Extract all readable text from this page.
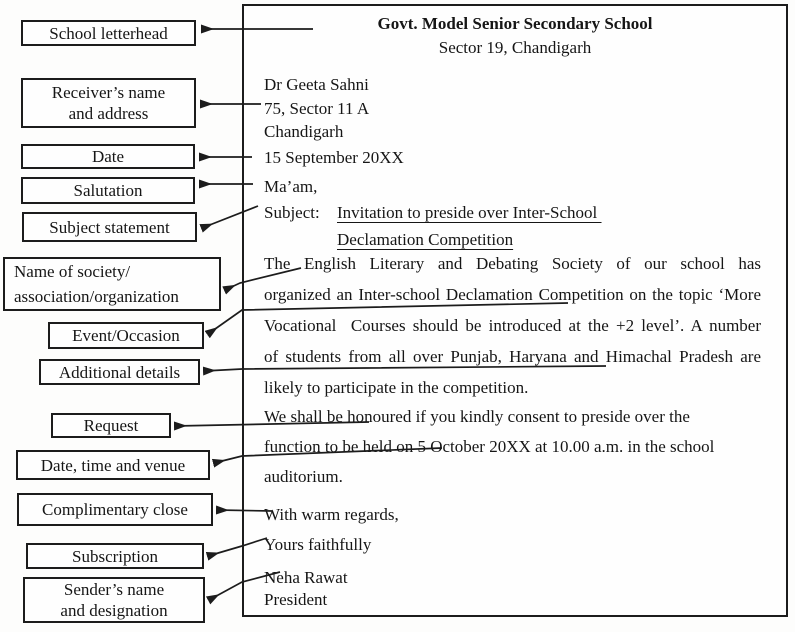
School letterhead
Receiver’s name
and address
Date
Salutation
Subject statement
Name of society/
association/organization
Event/Occasion
Additional details
Request
Date, time and venue
Complimentary close
Subscription
Sender’s name
and designation
Govt. Model Senior Secondary School
Sector 19, Chandigarh
Dr Geeta Sahni
75, Sector 11 A
Chandigarh
15 September 20XX
Ma’am,
Subject: Invitation to preside over Inter-School
Declamation Competition
The English Literary and Debating Society of our school has
organized an Inter-school Declamation Competition on the topic ‘More
Vocational  Courses should be introduced at the +2 level’. A number
of students from all over Punjab, Haryana and Himachal Pradesh are
likely to participate in the competition.
We shall be honoured if you kindly consent to preside over the
function to be held on 5 October 20XX at 10.00 a.m. in the school
auditorium.
With warm regards,
Yours faithfully
Neha Rawat
President
